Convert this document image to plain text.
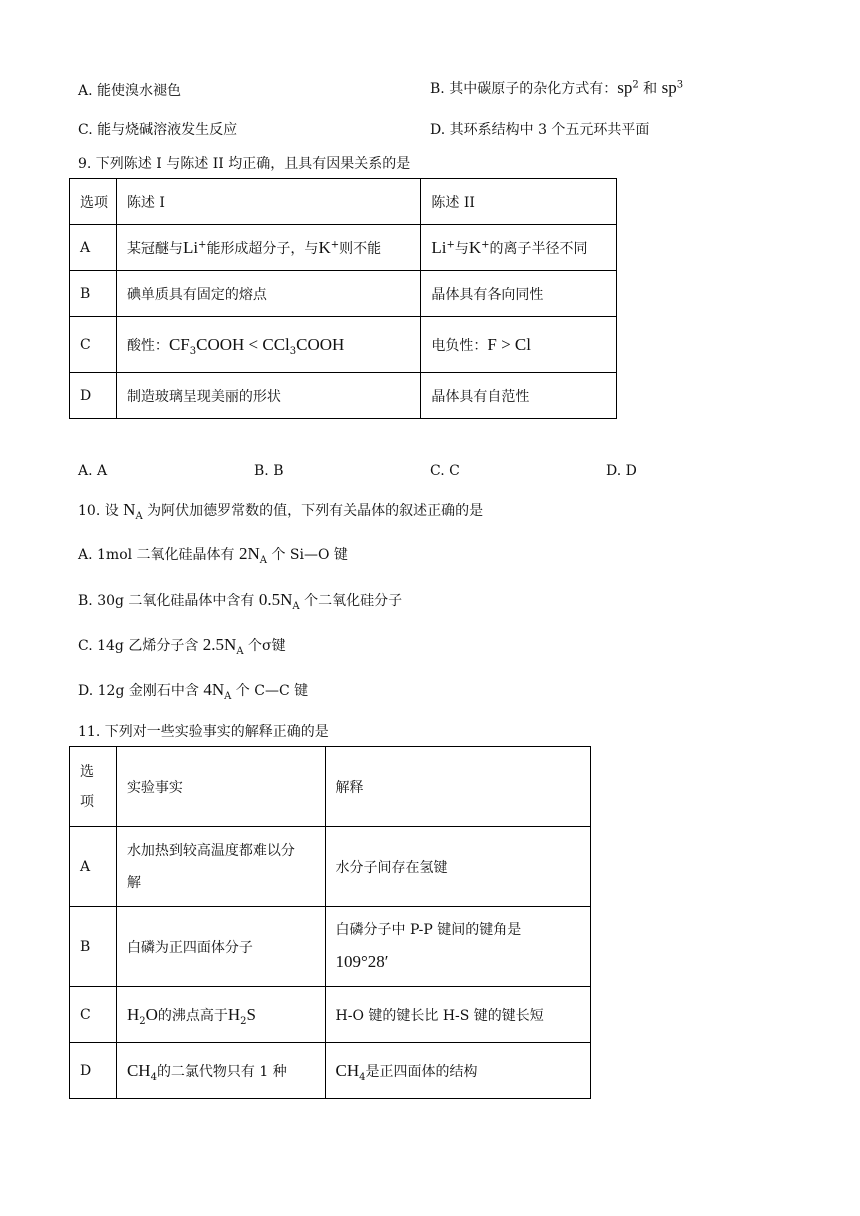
A. 能使溴水褪色	B. 其中碳原子的杂化方式有：$sp^2$ 和 $sp^3$
C. 能与烧碱溶液发生反应	D. 其环系结构中 3 个五元环共平面
9. 下列陈述 I 与陈述 II 均正确，且具有因果关系的是
选项	陈述 I	陈述 II
A	某冠醚与Li+能形成超分子，与K+则不能	Li+与K+的离子半径不同
B	碘单质具有固定的熔点	晶体具有各向同性
C	酸性：$CF_3COOH$ < CCl$_3$COOH	电负性：F > Cl
D	制造玻璃呈现美丽的形状	晶体具有自范性
A. A	B. B	C. C	D. D
10. 设 $N_A$ 为阿伏加德罗常数的值，下列有关晶体的叙述正确的是
A. 1mol 二氧化硅晶体有 $2N_A$ 个 Si—O 键
B. 30g 二氧化硅晶体中含有 $0.5N_A$ 个二氧化硅分子
C. 14g 乙烯分子含 $2.5N_A$ 个σ键
D. 12g 金刚石中含 $4N_A$ 个 C—C 键
11. 下列对一些实验事实的解释正确的是
选
项	实验事实	解释
A	水加热到较高温度都难以分
解	水分子间存在氢键
B	白磷为正四面体分子	白磷分子中 P-P 键间的键角是
109°28′
C	$H_2O$的沸点高于$H_2S$	H-O 键的键长比 H-S 键的键长短
D	$CH_4$的二氯代物只有 1 种	$CH_4$是正四面体的结构
